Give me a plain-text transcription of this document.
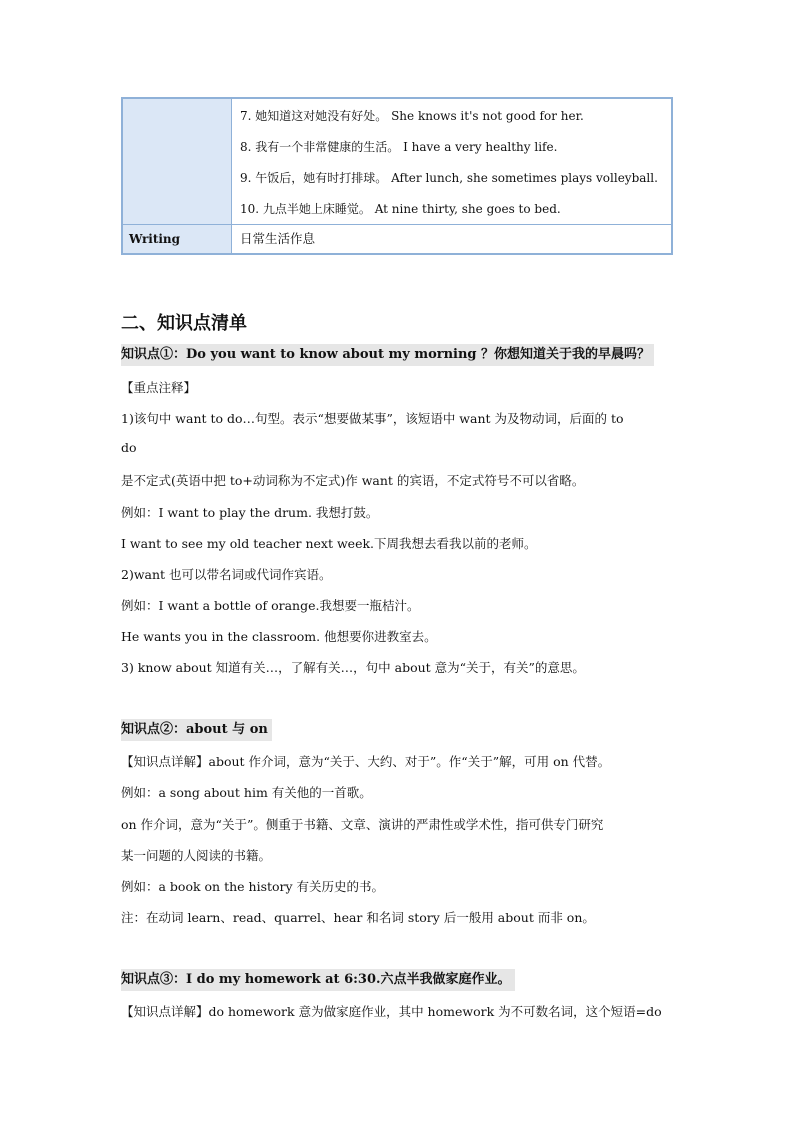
7. 她知道这对她没有好处。 She knows it's not good for her.
8. 我有一个非常健康的生活。 I have a very healthy life.
9. 午饭后，她有时打排球。 After lunch, she sometimes plays volleyball.
10. 九点半她上床睡觉。 At nine thirty, she goes to bed.
Writing	日常生活作息
二、知识点清单
知识点①：Do you want to know about my morning ？你想知道关于我的早晨吗？
【重点注释】
1)该句中 want to do…句型。表示“想要做某事”，该短语中 want 为及物动词，后面的 to
do
是不定式(英语中把 to+动词称为不定式)作 want 的宾语，不定式符号不可以省略。
例如：I want to play the drum. 我想打鼓。
I want to see my old teacher next week.下周我想去看我以前的老师。
2)want 也可以带名词或代词作宾语。
例如：I want a bottle of orange.我想要一瓶桔汁。
He wants you in the classroom. 他想要你进教室去。
3) know about 知道有关…，了解有关…，句中 about 意为“关于，有关”的意思。
知识点②：about 与 on
【知识点详解】about 作介词，意为“关于、大约、对于”。作“关于”解，可用 on 代替。
例如：a song about him 有关他的一首歌。
on 作介词，意为“关于”。侧重于书籍、文章、演讲的严肃性或学术性，指可供专门研究
某一问题的人阅读的书籍。
例如：a book on the history 有关历史的书。
注：在动词 learn、read、quarrel、hear 和名词 story 后一般用 about 而非 on。
知识点③：I do my homework at 6:30.六点半我做家庭作业。
【知识点详解】do homework 意为做家庭作业，其中 homework 为不可数名词，这个短语=do
